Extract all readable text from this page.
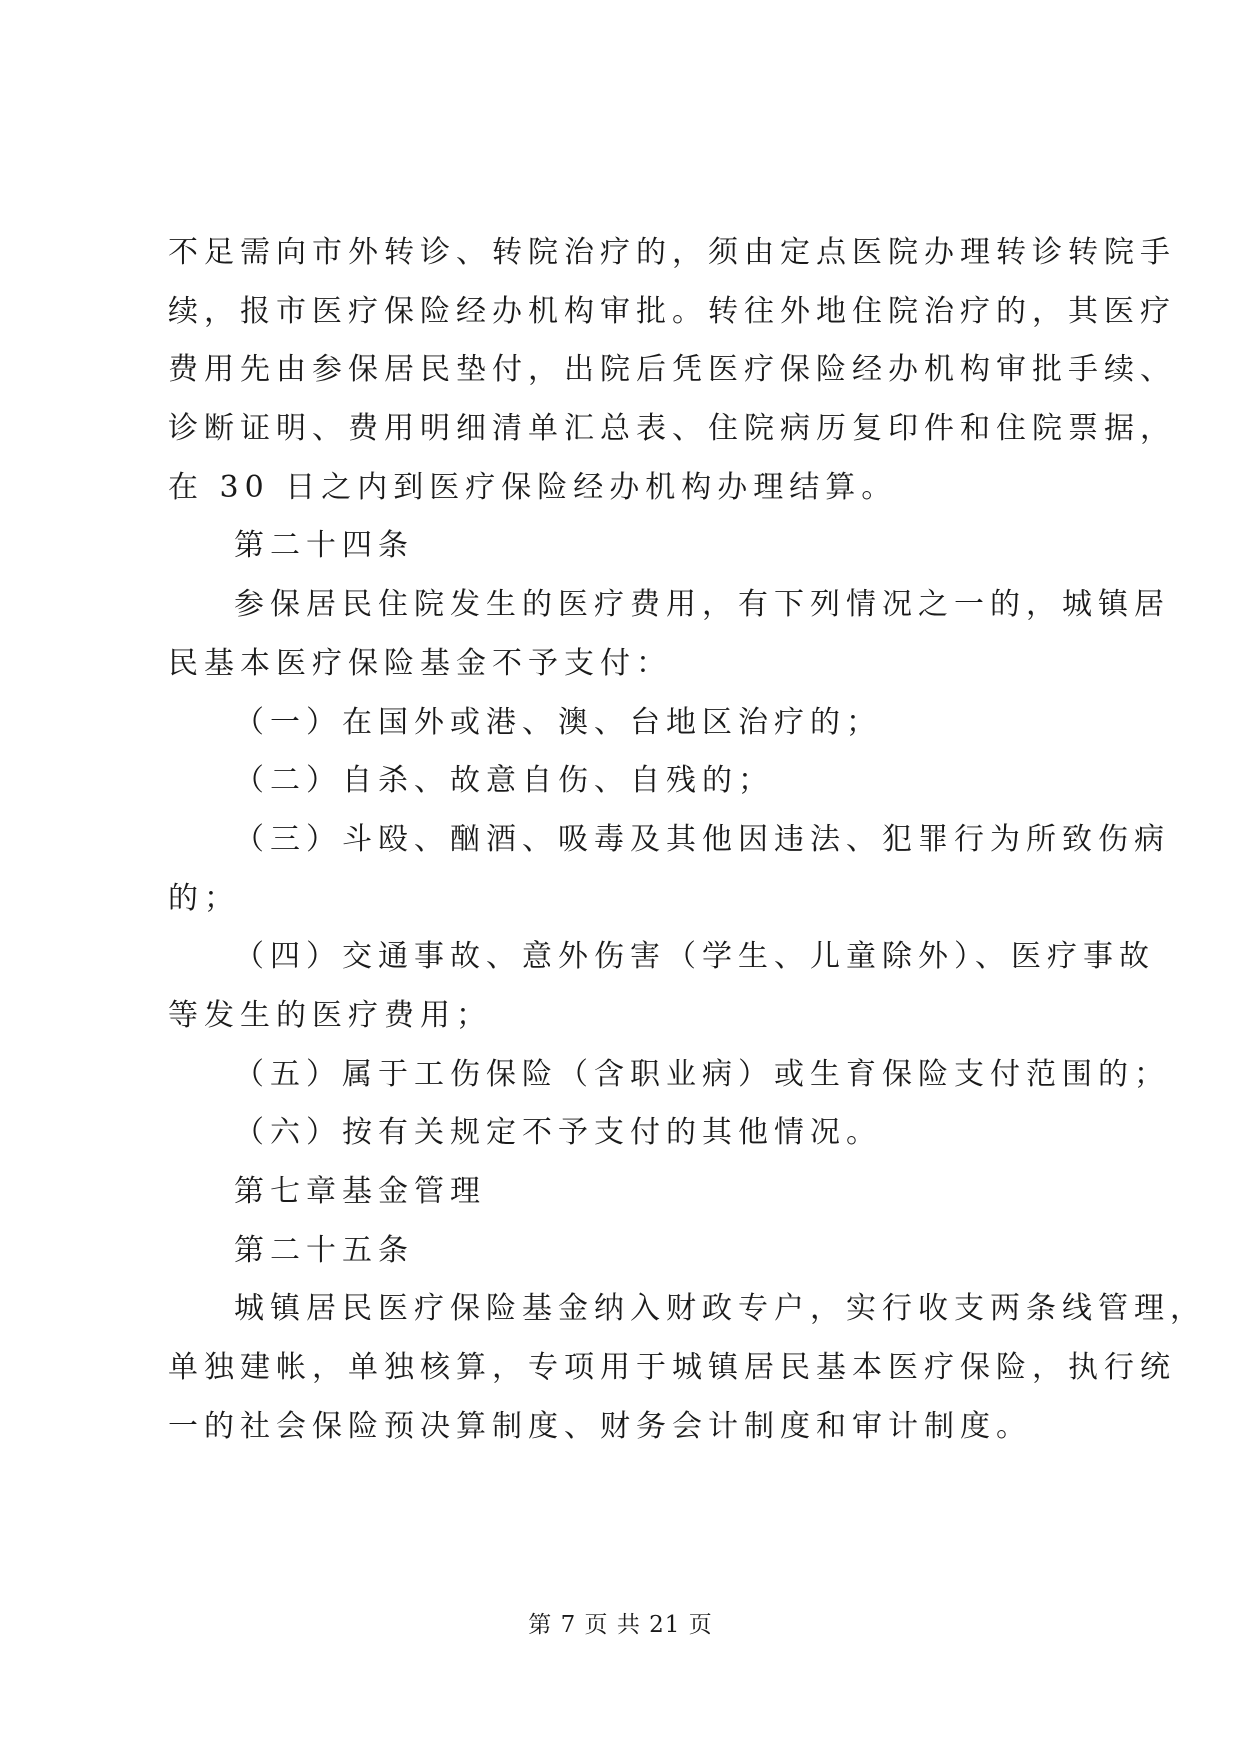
不足需向市外转诊、转院治疗的，须由定点医院办理转诊转院手
续，报市医疗保险经办机构审批。转往外地住院治疗的，其医疗
费用先由参保居民垫付，出院后凭医疗保险经办机构审批手续、
诊断证明、费用明细清单汇总表、住院病历复印件和住院票据，
在 30 日之内到医疗保险经办机构办理结算。
第二十四条
参保居民住院发生的医疗费用，有下列情况之一的，城镇居
民基本医疗保险基金不予支付：
（一）在国外或港、澳、台地区治疗的；
（二）自杀、故意自伤、自残的；
（三）斗殴、酗酒、吸毒及其他因违法、犯罪行为所致伤病
的；
（四）交通事故、意外伤害（学生、儿童除外）、医疗事故
等发生的医疗费用；
（五）属于工伤保险（含职业病）或生育保险支付范围的；
（六）按有关规定不予支付的其他情况。
第七章基金管理
第二十五条
城镇居民医疗保险基金纳入财政专户，实行收支两条线管理，
单独建帐，单独核算，专项用于城镇居民基本医疗保险，执行统
一的社会保险预决算制度、财务会计制度和审计制度。
第 7 页 共 21 页
